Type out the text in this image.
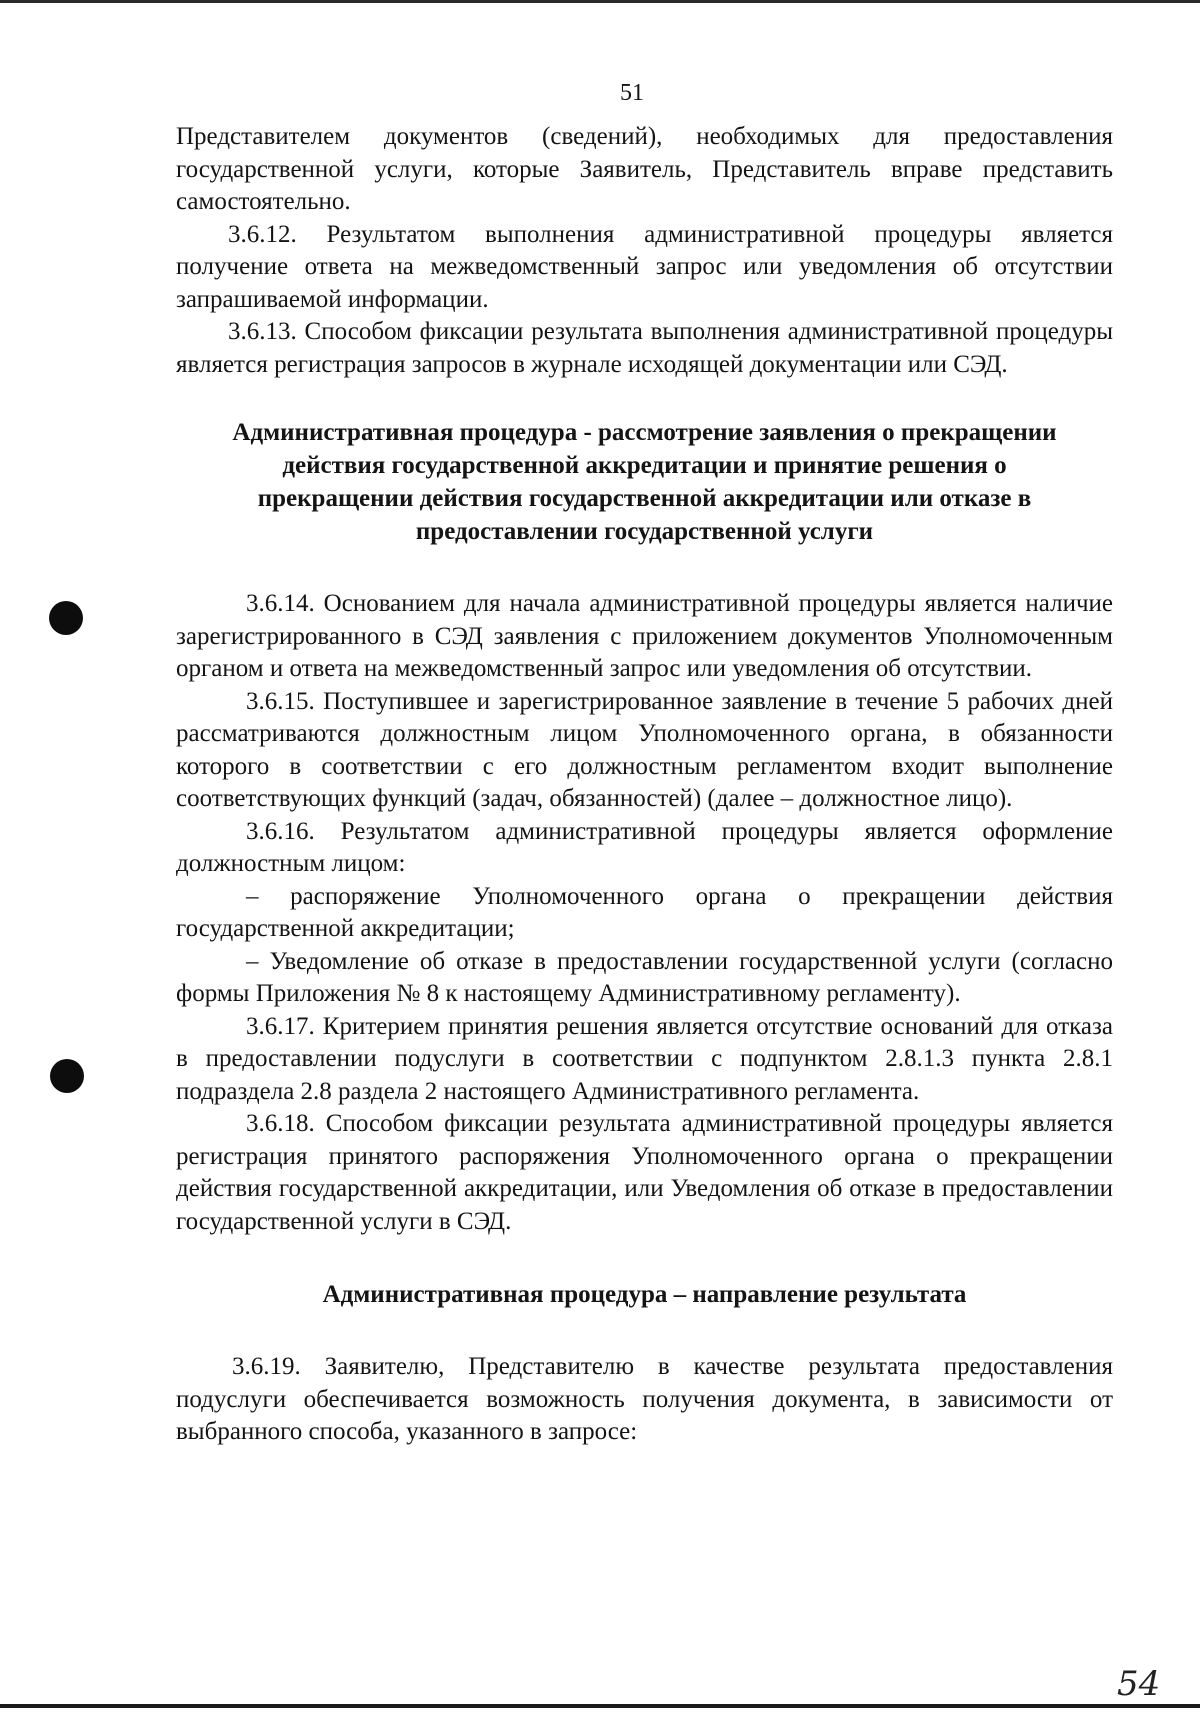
51

Представителем документов (сведений), необходимых для предоставления государственной услуги, которые Заявитель, Представитель вправе представить самостоятельно.

3.6.12. Результатом выполнения административной процедуры является получение ответа на межведомственный запрос или уведомления об отсутствии запрашиваемой информации.

3.6.13. Способом фиксации результата выполнения административной процедуры является регистрация запросов в журнале исходящей документации или СЭД.

Административная процедура - рассмотрение заявления о прекращении действия государственной аккредитации и принятие решения о прекращении действия государственной аккредитации или отказе в предоставлении государственной услуги

3.6.14. Основанием для начала административной процедуры является наличие зарегистрированного в СЭД заявления с приложением документов Уполномоченным органом и ответа на межведомственный запрос или уведомления об отсутствии.

3.6.15. Поступившее и зарегистрированное заявление в течение 5 рабочих дней рассматриваются должностным лицом Уполномоченного органа, в обязанности которого в соответствии с его должностным регламентом входит выполнение соответствующих функций (задач, обязанностей) (далее – должностное лицо).

3.6.16. Результатом административной процедуры является оформление должностным лицом:

– распоряжение Уполномоченного органа о прекращении действия государственной аккредитации;

– Уведомление об отказе в предоставлении государственной услуги (согласно формы Приложения № 8 к настоящему Административному регламенту).

3.6.17. Критерием принятия решения является отсутствие оснований для отказа в предоставлении подуслуги в соответствии с подпунктом 2.8.1.3 пункта 2.8.1 подраздела 2.8 раздела 2 настоящего Административного регламента.

3.6.18. Способом фиксации результата административной процедуры является регистрация принятого распоряжения Уполномоченного органа о прекращении действия государственной аккредитации, или Уведомления об отказе в предоставлении государственной услуги в СЭД.

Административная процедура – направление результата

3.6.19. Заявителю, Представителю в качестве результата предоставления подуслуги обеспечивается возможность получения документа, в зависимости от выбранного способа, указанного в запросе:

54
